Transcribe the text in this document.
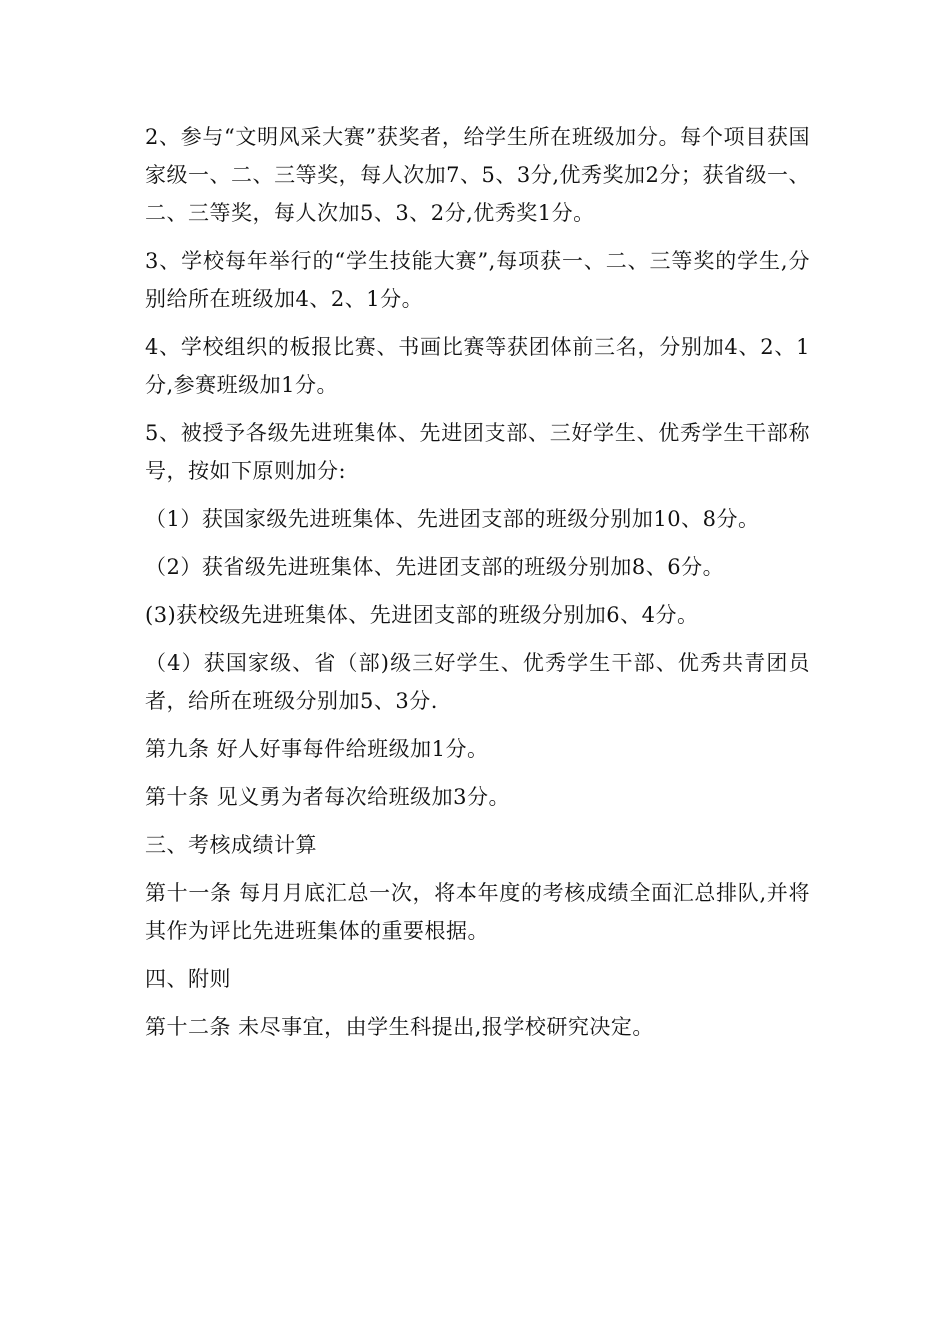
2、参与“文明风采大赛”获奖者，给学生所在班级加分。每个项目获国家级一、二、三等奖，每人次加7、5、3分,优秀奖加2分；获省级一、二、三等奖，每人次加5、3、2分,优秀奖1分。

3、学校每年举行的“学生技能大赛”,每项获一、二、三等奖的学生,分别给所在班级加4、2、1分。

4、学校组织的板报比赛、书画比赛等获团体前三名，分别加4、2、1分,参赛班级加1分。

5、被授予各级先进班集体、先进团支部、三好学生、优秀学生干部称号，按如下原则加分:

（1）获国家级先进班集体、先进团支部的班级分别加10、8分。

（2）获省级先进班集体、先进团支部的班级分别加8、6分。

(3)获校级先进班集体、先进团支部的班级分别加6、4分。

（4）获国家级、省（部)级三好学生、优秀学生干部、优秀共青团员者，给所在班级分别加5、3分.

第九条 好人好事每件给班级加1分。

第十条 见义勇为者每次给班级加3分。

三、考核成绩计算

第十一条 每月月底汇总一次，将本年度的考核成绩全面汇总排队,并将其作为评比先进班集体的重要根据。

四、附则

第十二条 未尽事宜，由学生科提出,报学校研究决定。
